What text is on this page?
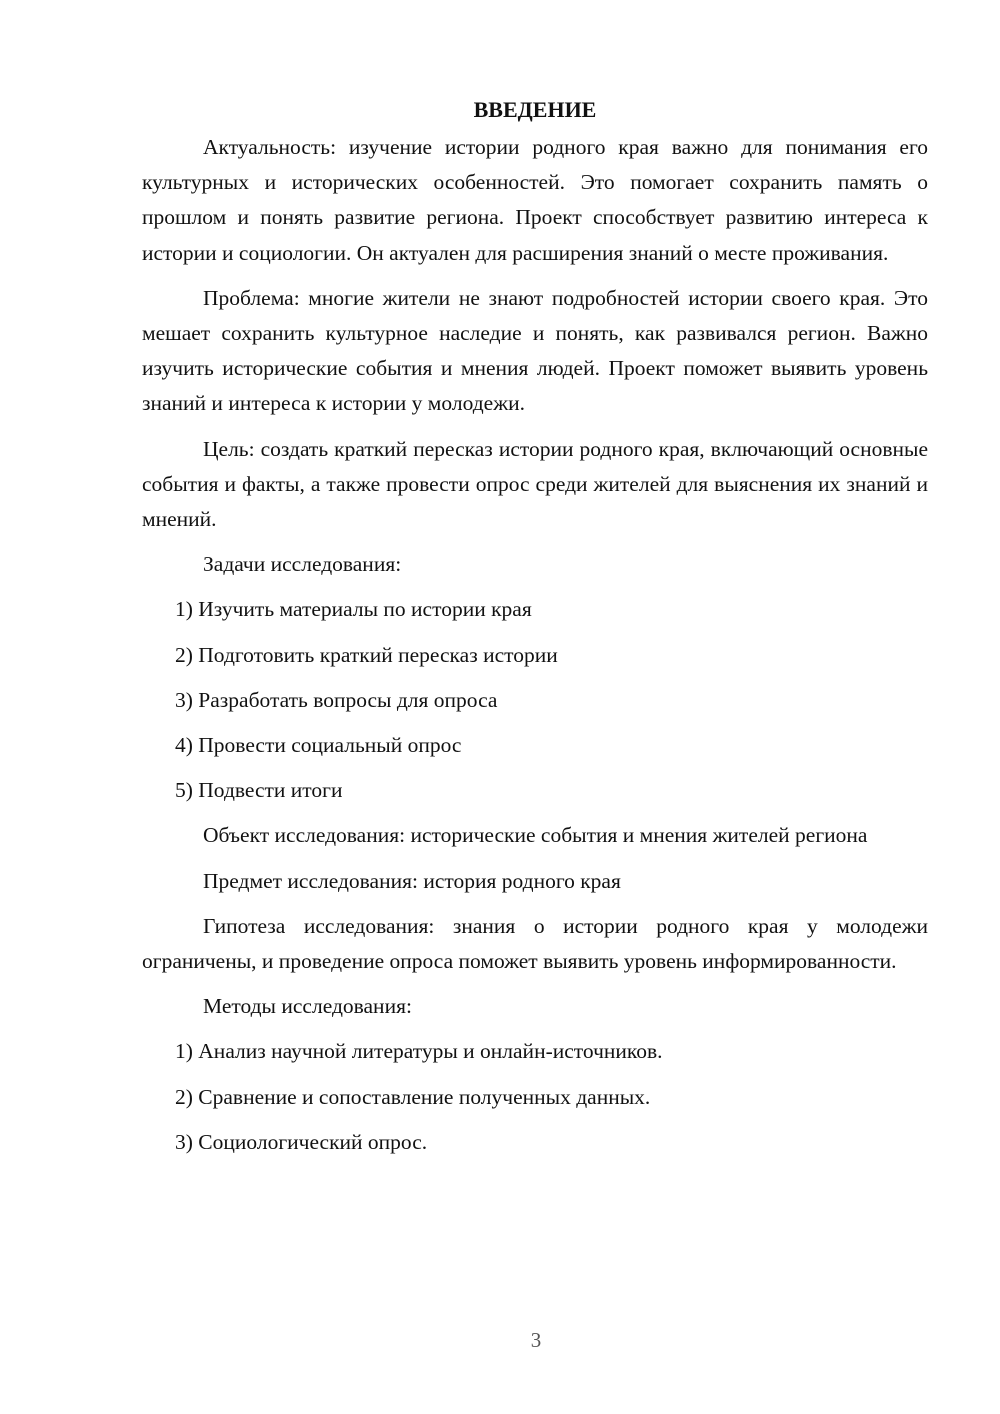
ВВЕДЕНИЕ

Актуальность: изучение истории родного края важно для понимания его культурных и исторических особенностей. Это помогает сохранить память о прошлом и понять развитие региона. Проект способствует развитию интереса к истории и социологии. Он актуален для расширения знаний о месте проживания.

Проблема: многие жители не знают подробностей истории своего края. Это мешает сохранить культурное наследие и понять, как развивался регион. Важно изучить исторические события и мнения людей. Проект поможет выявить уровень знаний и интереса к истории у молодежи.

Цель: создать краткий пересказ истории родного края, включающий основные события и факты, а также провести опрос среди жителей для выяснения их знаний и мнений.

Задачи исследования:
1) Изучить материалы по истории края
2) Подготовить краткий пересказ истории
3) Разработать вопросы для опроса
4) Провести социальный опрос
5) Подвести итоги

Объект исследования: исторические события и мнения жителей региона

Предмет исследования: история родного края

Гипотеза исследования: знания о истории родного края у молодежи ограничены, и проведение опроса поможет выявить уровень информированности.

Методы исследования:
1) Анализ научной литературы и онлайн-источников.
2) Сравнение и сопоставление полученных данных.
3) Социологический опрос.
3
